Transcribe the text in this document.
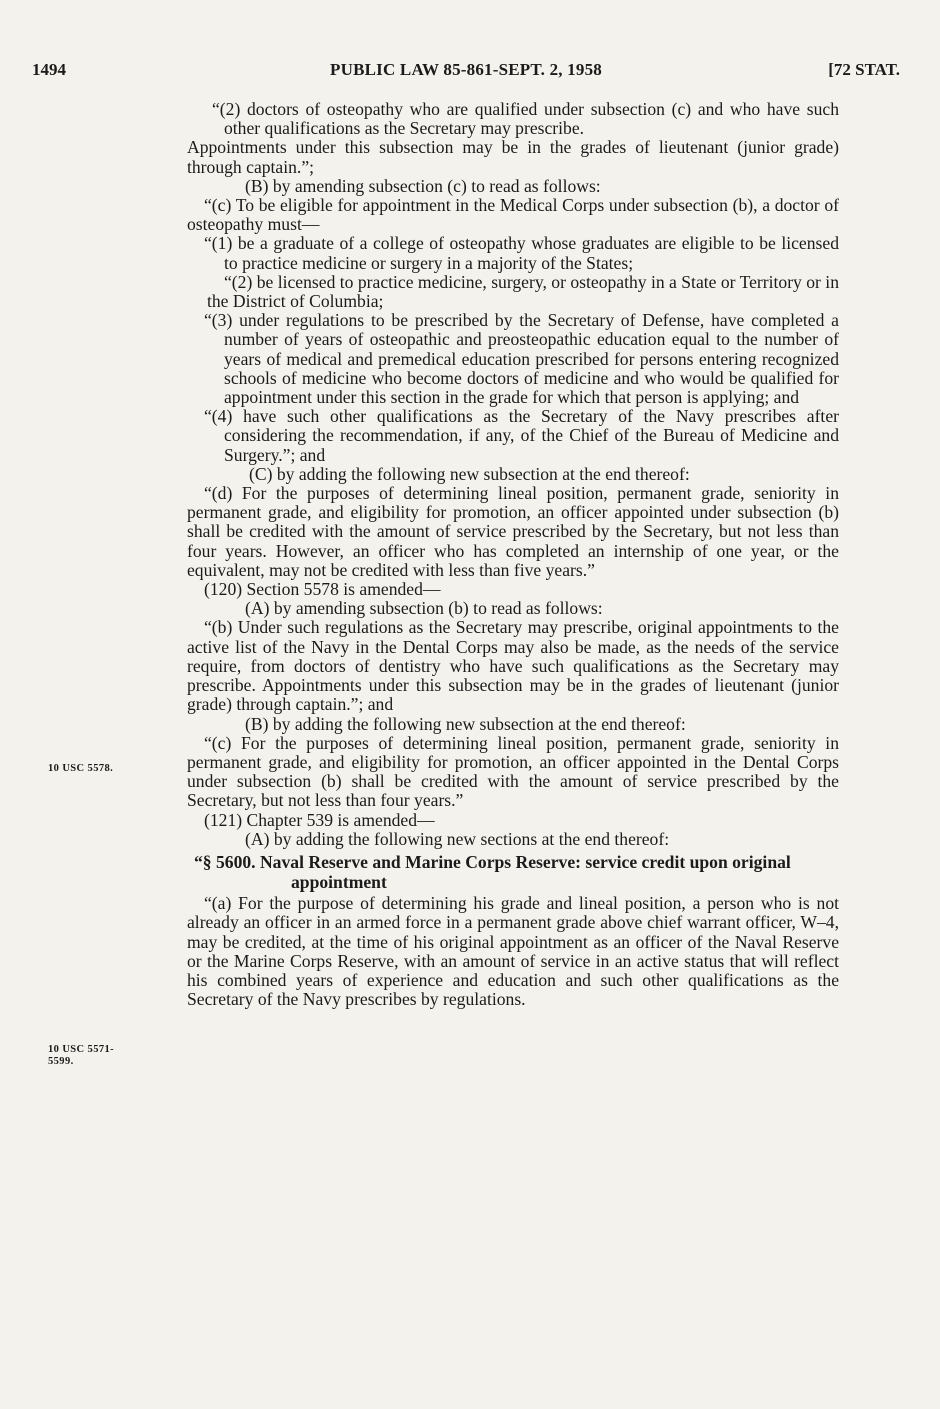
1494	PUBLIC LAW 85-861-SEPT. 2, 1958	[72 STAT.
10 USC 5578.
10 USC 5571-
5599.

“(2) doctors of osteopathy who are qualified under subsection (c) and who have such other qualifications as the Secretary may prescribe.

Appointments under this subsection may be in the grades of lieutenant (junior grade) through captain.”;

(B) by amending subsection (c) to read as follows:

“(c) To be eligible for appointment in the Medical Corps under subsection (b), a doctor of osteopathy must—

“(1) be a graduate of a college of osteopathy whose graduates are eligible to be licensed to practice medicine or surgery in a majority of the States;

“(2) be licensed to practice medicine, surgery, or osteopathy in a State or Territory or in the District of Columbia;

“(3) under regulations to be prescribed by the Secretary of Defense, have completed a number of years of osteopathic and preosteopathic education equal to the number of years of medical and premedical education prescribed for persons entering recognized schools of medicine who become doctors of medicine and who would be qualified for appointment under this section in the grade for which that person is applying; and

“(4) have such other qualifications as the Secretary of the Navy prescribes after considering the recommendation, if any, of the Chief of the Bureau of Medicine and Surgery.”; and

(C) by adding the following new subsection at the end thereof:

“(d) For the purposes of determining lineal position, permanent grade, seniority in permanent grade, and eligibility for promotion, an officer appointed under subsection (b) shall be credited with the amount of service prescribed by the Secretary, but not less than four years. However, an officer who has completed an internship of one year, or the equivalent, may not be credited with less than five years.”

(120) Section 5578 is amended—

(A) by amending subsection (b) to read as follows:

“(b) Under such regulations as the Secretary may prescribe, original appointments to the active list of the Navy in the Dental Corps may also be made, as the needs of the service require, from doctors of dentistry who have such qualifications as the Secretary may prescribe. Appointments under this subsection may be in the grades of lieutenant (junior grade) through captain.”; and

(B) by adding the following new subsection at the end thereof:

“(c) For the purposes of determining lineal position, permanent grade, seniority in permanent grade, and eligibility for promotion, an officer appointed in the Dental Corps under subsection (b) shall be credited with the amount of service prescribed by the Secretary, but not less than four years.”

(121) Chapter 539 is amended—

(A) by adding the following new sections at the end thereof:

“§ 5600. Naval Reserve and Marine Corps Reserve: service credit upon original appointment

“(a) For the purpose of determining his grade and lineal position, a person who is not already an officer in an armed force in a permanent grade above chief warrant officer, W–4, may be credited, at the time of his original appointment as an officer of the Naval Reserve or the Marine Corps Reserve, with an amount of service in an active status that will reflect his combined years of experience and education and such other qualifications as the Secretary of the Navy prescribes by regulations.
